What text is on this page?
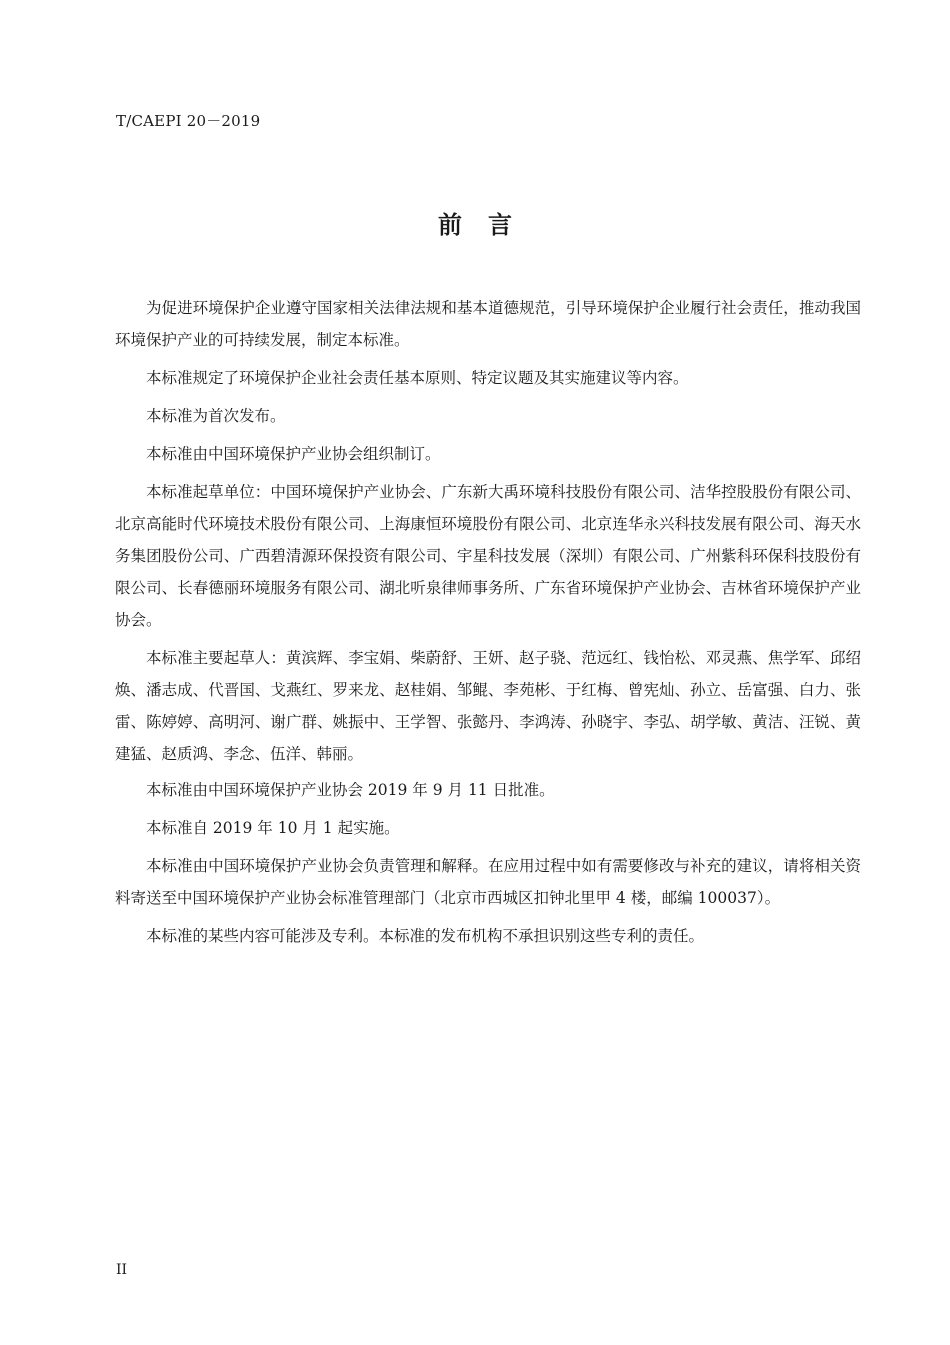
T/CAEPI 20－2019
前言

为促进环境保护企业遵守国家相关法律法规和基本道德规范，引导环境保护企业履行社会责任，推动我国环境保护产业的可持续发展，制定本标准。

本标准规定了环境保护企业社会责任基本原则、特定议题及其实施建议等内容。

本标准为首次发布。

本标准由中国环境保护产业协会组织制订。

本标准起草单位：中国环境保护产业协会、广东新大禹环境科技股份有限公司、洁华控股股份有限公司、北京高能时代环境技术股份有限公司、上海康恒环境股份有限公司、北京连华永兴科技发展有限公司、海天水务集团股份公司、广西碧清源环保投资有限公司、宇星科技发展（深圳）有限公司、广州紫科环保科技股份有限公司、长春德丽环境服务有限公司、湖北听泉律师事务所、广东省环境保护产业协会、吉林省环境保护产业协会。

本标准主要起草人：黄滨辉、李宝娟、柴蔚舒、王妍、赵子骁、范远红、钱怡松、邓灵燕、焦学军、邱绍焕、潘志成、代晋国、戈燕红、罗来龙、赵桂娟、邹鲲、李苑彬、于红梅、曾宪灿、孙立、岳富强、白力、张雷、陈婷婷、高明河、谢广群、姚振中、王学智、张懿丹、李鸿涛、孙晓宇、李弘、胡学敏、黄洁、汪锐、黄建猛、赵质鸿、李念、伍洋、韩丽。

本标准由中国环境保护产业协会 2019 年 9 月 11 日批准。

本标准自 2019 年 10 月 1 起实施。

本标准由中国环境保护产业协会负责管理和解释。在应用过程中如有需要修改与补充的建议，请将相关资料寄送至中国环境保护产业协会标准管理部门（北京市西城区扣钟北里甲 4 楼，邮编 100037）。

本标准的某些内容可能涉及专利。本标准的发布机构不承担识别这些专利的责任。

II
